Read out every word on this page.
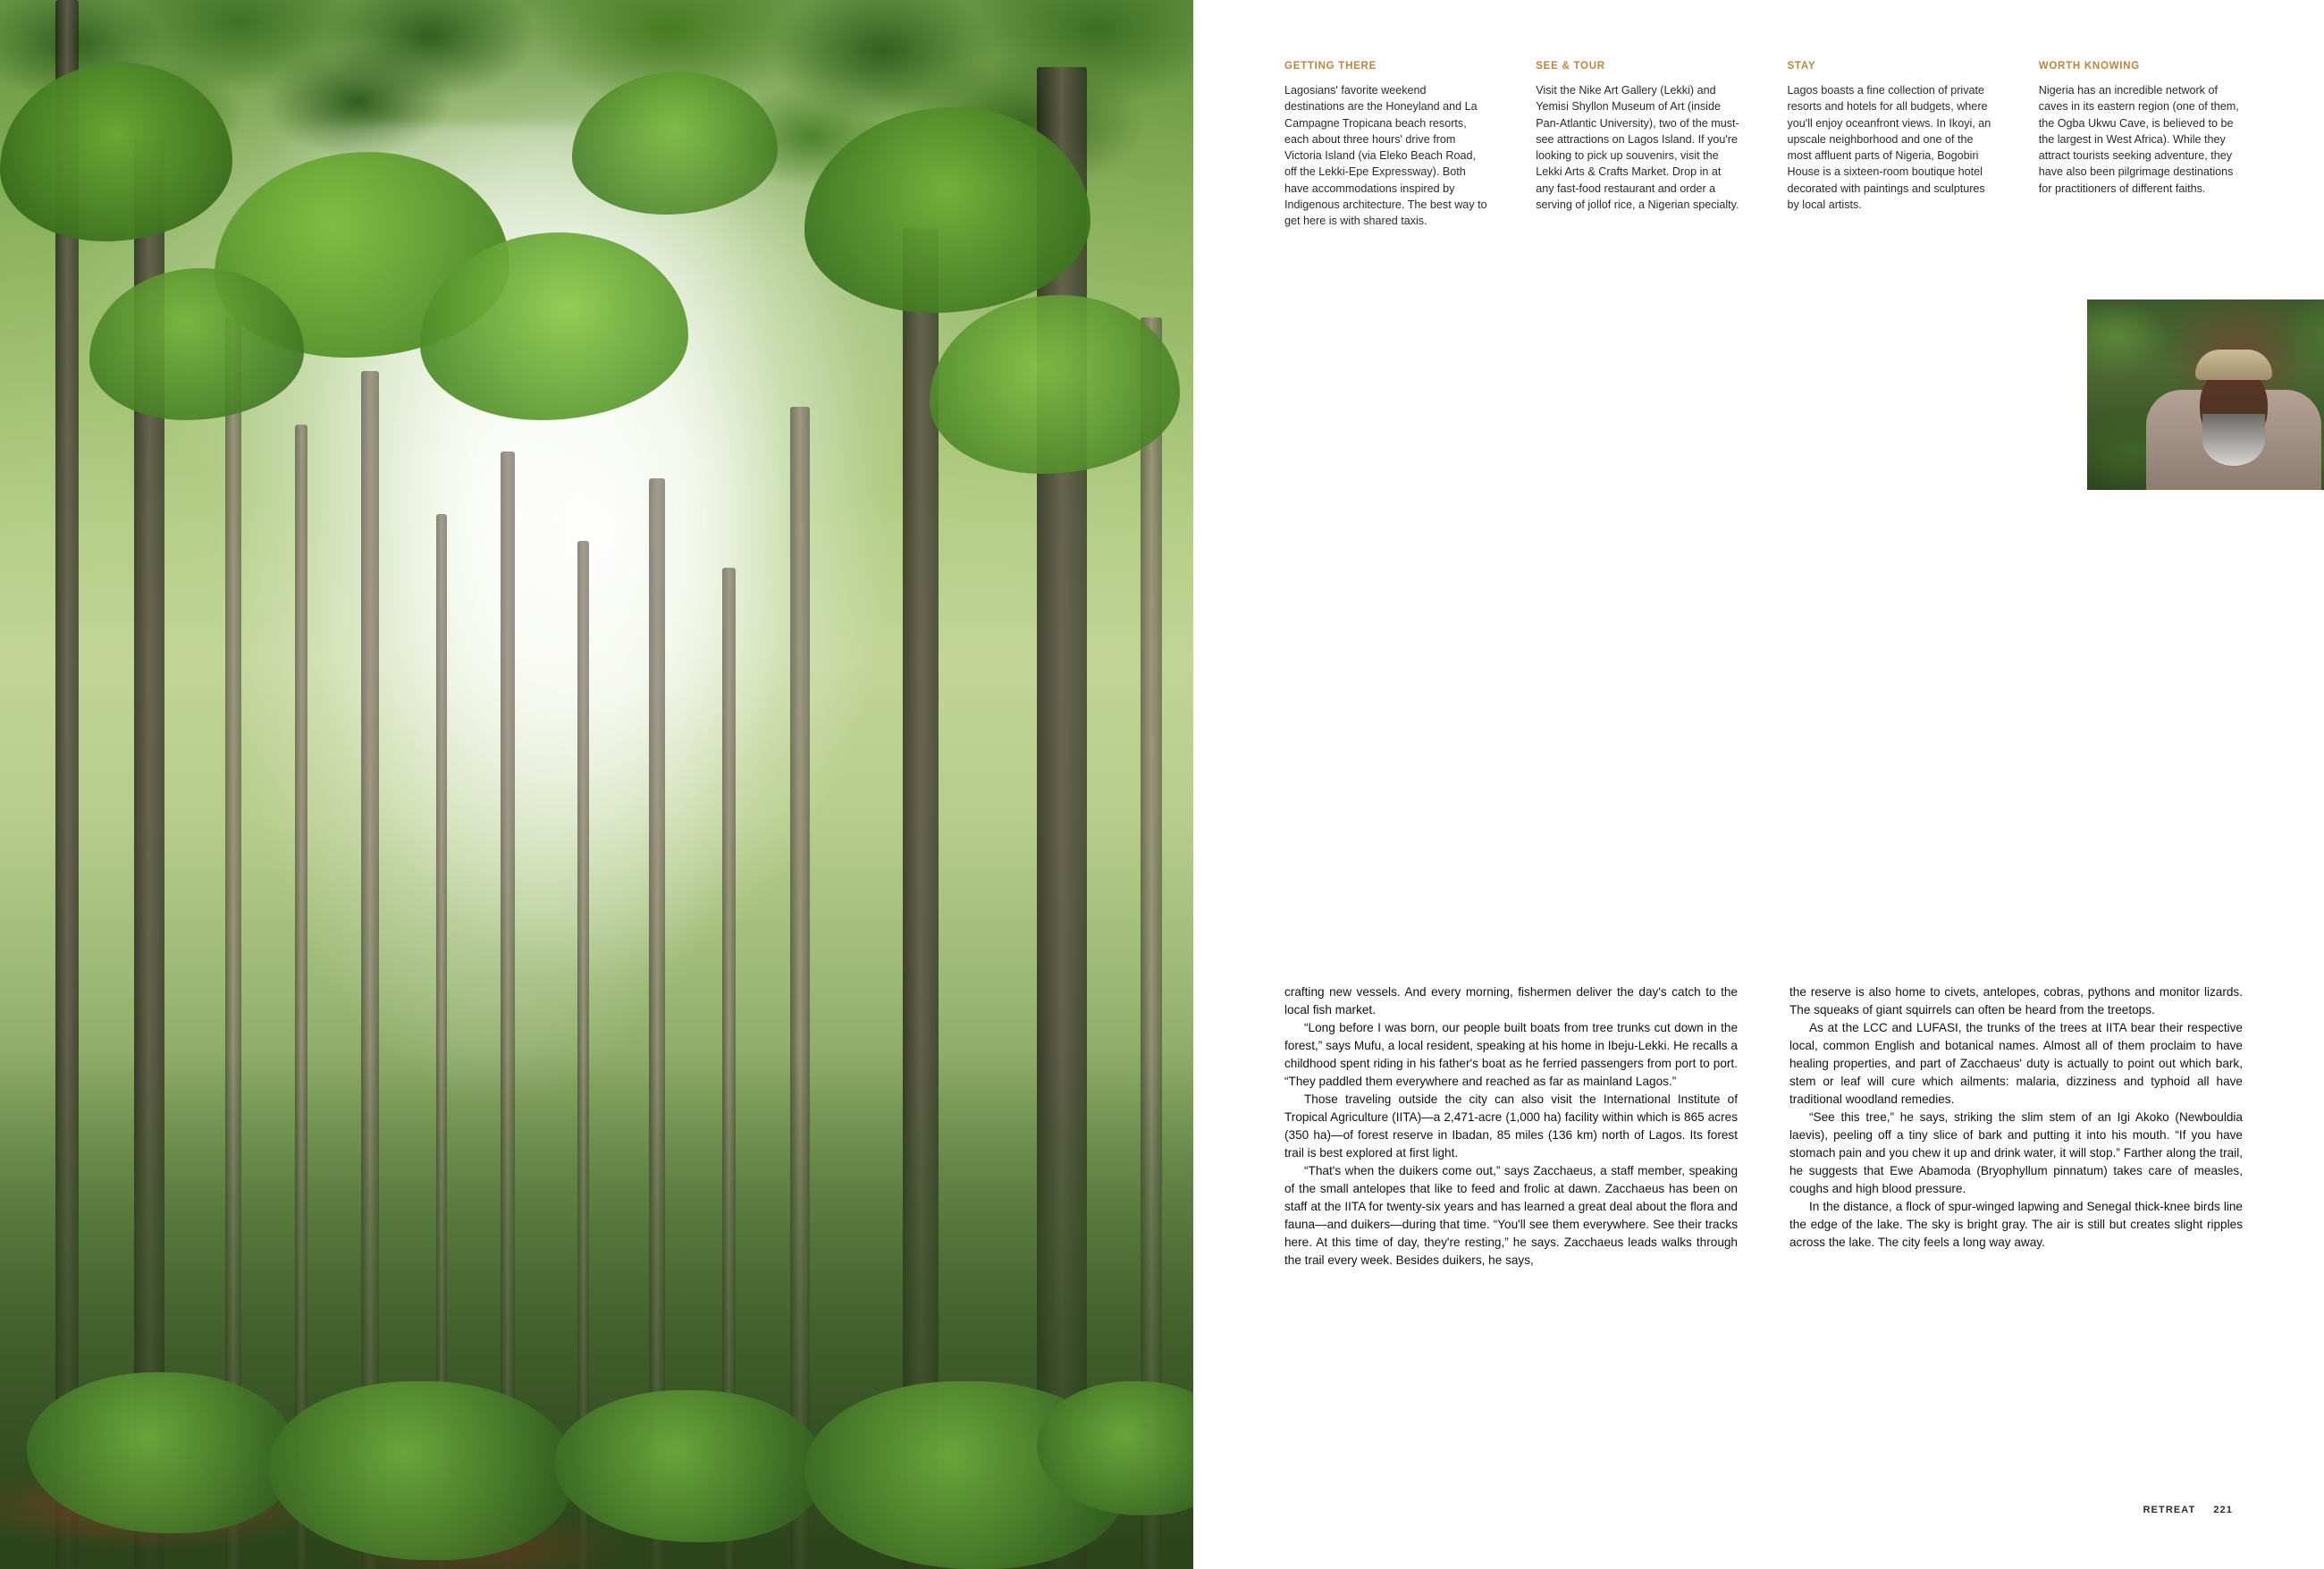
GETTING THERE
Lagosians' favorite weekend destinations are the Honeyland and La Campagne Tropicana beach resorts, each about three hours' drive from Victoria Island (via Eleko Beach Road, off the Lekki-Epe Expressway). Both have accommodations inspired by Indigenous architecture. The best way to get here is with shared taxis.
SEE & TOUR
Visit the Nike Art Gallery (Lekki) and Yemisi Shyllon Museum of Art (inside Pan-Atlantic University), two of the must-see attractions on Lagos Island. If you're looking to pick up souvenirs, visit the Lekki Arts & Crafts Market. Drop in at any fast-food restaurant and order a serving of jollof rice, a Nigerian specialty.
STAY
Lagos boasts a fine collection of private resorts and hotels for all budgets, where you'll enjoy oceanfront views. In Ikoyi, an upscale neighborhood and one of the most affluent parts of Nigeria, Bogobiri House is a sixteen-room boutique hotel decorated with paintings and sculptures by local artists.
WORTH KNOWING
Nigeria has an incredible network of caves in its eastern region (one of them, the Ogba Ukwu Cave, is believed to be the largest in West Africa). While they attract tourists seeking adventure, they have also been pilgrimage destinations for practitioners of different faiths.

crafting new vessels. And every morning, fishermen deliver the day's catch to the local fish market.

“Long before I was born, our people built boats from tree trunks cut down in the forest,” says Mufu, a local resident, speaking at his home in Ibeju-Lekki. He recalls a childhood spent riding in his father's boat as he ferried passengers from port to port. “They paddled them everywhere and reached as far as mainland Lagos.”

Those traveling outside the city can also visit the International Institute of Tropical Agriculture (IITA)—a 2,471-acre (1,000 ha) facility within which is 865 acres (350 ha)—of forest reserve in Ibadan, 85 miles (136 km) north of Lagos. Its forest trail is best explored at first light.

“That's when the duikers come out,” says Zacchaeus, a staff member, speaking of the small antelopes that like to feed and frolic at dawn. Zacchaeus has been on staff at the IITA for twenty-six years and has learned a great deal about the flora and fauna—and duikers—during that time. “You'll see them everywhere. See their tracks here. At this time of day, they're resting,” he says. Zacchaeus leads walks through the trail every week. Besides duikers, he says,

the reserve is also home to civets, antelopes, cobras, pythons and monitor lizards. The squeaks of giant squirrels can often be heard from the treetops.

As at the LCC and LUFASI, the trunks of the trees at IITA bear their respective local, common English and botanical names. Almost all of them proclaim to have healing properties, and part of Zacchaeus' duty is actually to point out which bark, stem or leaf will cure which ailments: malaria, dizziness and typhoid all have traditional woodland remedies.

“See this tree,” he says, striking the slim stem of an Igi Akoko (Newbouldia laevis), peeling off a tiny slice of bark and putting it into his mouth. “If you have stomach pain and you chew it up and drink water, it will stop.” Farther along the trail, he suggests that Ewe Abamoda (Bryophyllum pinnatum) takes care of measles, coughs and high blood pressure.

In the distance, a flock of spur-winged lapwing and Senegal thick-knee birds line the edge of the lake. The sky is bright gray. The air is still but creates slight ripples across the lake. The city feels a long way away.

RETREAT 221
